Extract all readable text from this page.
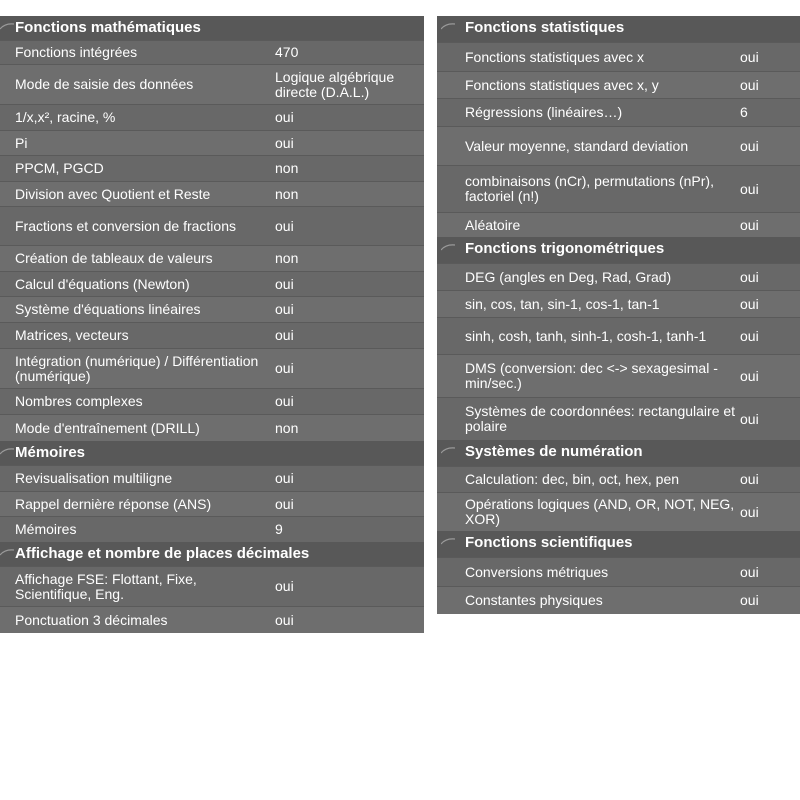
Fonctions mathématiques
Fonctions intégrées	470
Mode de saisie des données	Logique algébrique directe (D.A.L.)
1/x,x², racine, %	oui
Pi	oui
PPCM, PGCD	non
Division avec Quotient et Reste	non
Fractions et conversion de fractions	oui
Création de tableaux de valeurs	non
Calcul d'équations (Newton)	oui
Système d'équations linéaires	oui
Matrices, vecteurs	oui
Intégration (numérique) / Différentiation (numérique)	oui
Nombres complexes	oui
Mode d'entraînement (DRILL)	non
Mémoires
Revisualisation multiligne	oui
Rappel dernière réponse (ANS)	oui
Mémoires	9
Affichage et nombre de places décimales
Affichage FSE: Flottant, Fixe, Scientifique, Eng.	oui
Ponctuation 3 décimales	oui
Fonctions statistiques
Fonctions statistiques avec x	oui
Fonctions statistiques avec x, y	oui
Régressions (linéaires…)	6
Valeur moyenne, standard deviation	oui
combinaisons (nCr), permutations (nPr), factoriel (n!)	oui
Aléatoire	oui
Fonctions trigonométriques
DEG (angles en Deg, Rad, Grad)	oui
sin, cos, tan, sin-1, cos-1, tan-1	oui
sinh, cosh, tanh, sinh-1, cosh-1, tanh-1	oui
DMS (conversion: dec <-> sexagesimal - min/sec.)	oui
Systèmes de coordonnées: rectangulaire et polaire	oui
Systèmes de numération
Calculation: dec, bin, oct, hex, pen	oui
Opérations logiques (AND, OR, NOT, NEG, XOR)	oui
Fonctions scientifiques
Conversions métriques	oui
Constantes physiques	oui
